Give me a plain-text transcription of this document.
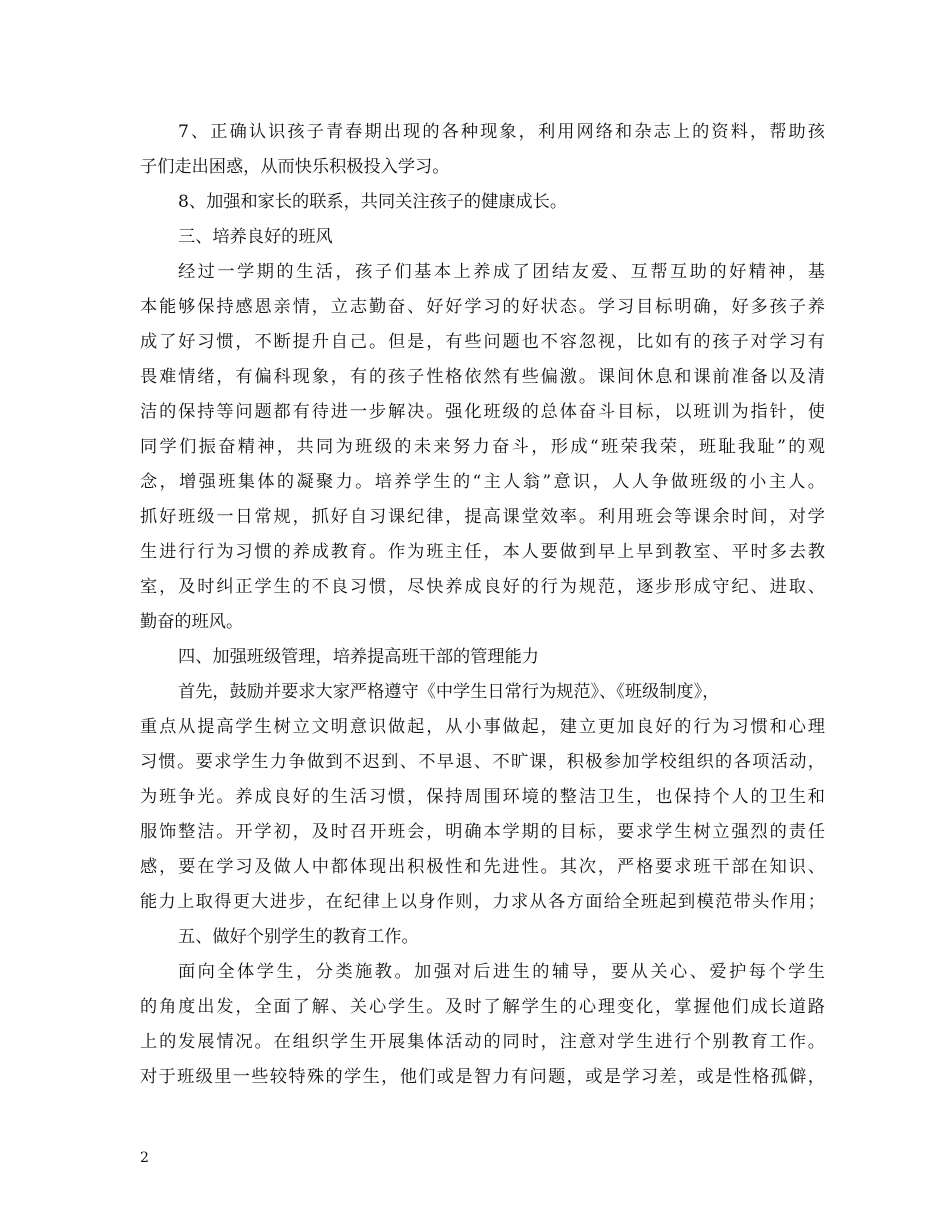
7、正确认识孩子青春期出现的各种现象，利用网络和杂志上的资料，帮助孩
子们走出困惑，从而快乐积极投入学习。
8、加强和家长的联系，共同关注孩子的健康成长。
三、培养良好的班风
经过一学期的生活，孩子们基本上养成了团结友爱、互帮互助的好精神，基
本能够保持感恩亲情，立志勤奋、好好学习的好状态。学习目标明确，好多孩子养
成了好习惯，不断提升自己。但是，有些问题也不容忽视，比如有的孩子对学习有
畏难情绪，有偏科现象，有的孩子性格依然有些偏激。课间休息和课前准备以及清
洁的保持等问题都有待进一步解决。强化班级的总体奋斗目标，以班训为指针，使
同学们振奋精神，共同为班级的未来努力奋斗，形成“班荣我荣，班耻我耻”的观
念，增强班集体的凝聚力。培养学生的“主人翁”意识，人人争做班级的小主人。
抓好班级一日常规，抓好自习课纪律，提高课堂效率。利用班会等课余时间，对学
生进行行为习惯的养成教育。作为班主任，本人要做到早上早到教室、平时多去教
室，及时纠正学生的不良习惯，尽快养成良好的行为规范，逐步形成守纪、进取、
勤奋的班风。
四、加强班级管理，培养提高班干部的管理能力
首先，鼓励并要求大家严格遵守《中学生日常行为规范》、《班级制度》，
重点从提高学生树立文明意识做起，从小事做起，建立更加良好的行为习惯和心理
习惯。要求学生力争做到不迟到、不早退、不旷课，积极参加学校组织的各项活动，
为班争光。养成良好的生活习惯，保持周围环境的整洁卫生，也保持个人的卫生和
服饰整洁。开学初，及时召开班会，明确本学期的目标，要求学生树立强烈的责任
感，要在学习及做人中都体现出积极性和先进性。其次，严格要求班干部在知识、
能力上取得更大进步，在纪律上以身作则，力求从各方面给全班起到模范带头作用；
五、做好个别学生的教育工作。
面向全体学生，分类施教。加强对后进生的辅导，要从关心、爱护每个学生
的角度出发，全面了解、关心学生。及时了解学生的心理变化，掌握他们成长道路
上的发展情况。在组织学生开展集体活动的同时，注意对学生进行个别教育工作。
对于班级里一些较特殊的学生，他们或是智力有问题，或是学习差，或是性格孤僻，
2
